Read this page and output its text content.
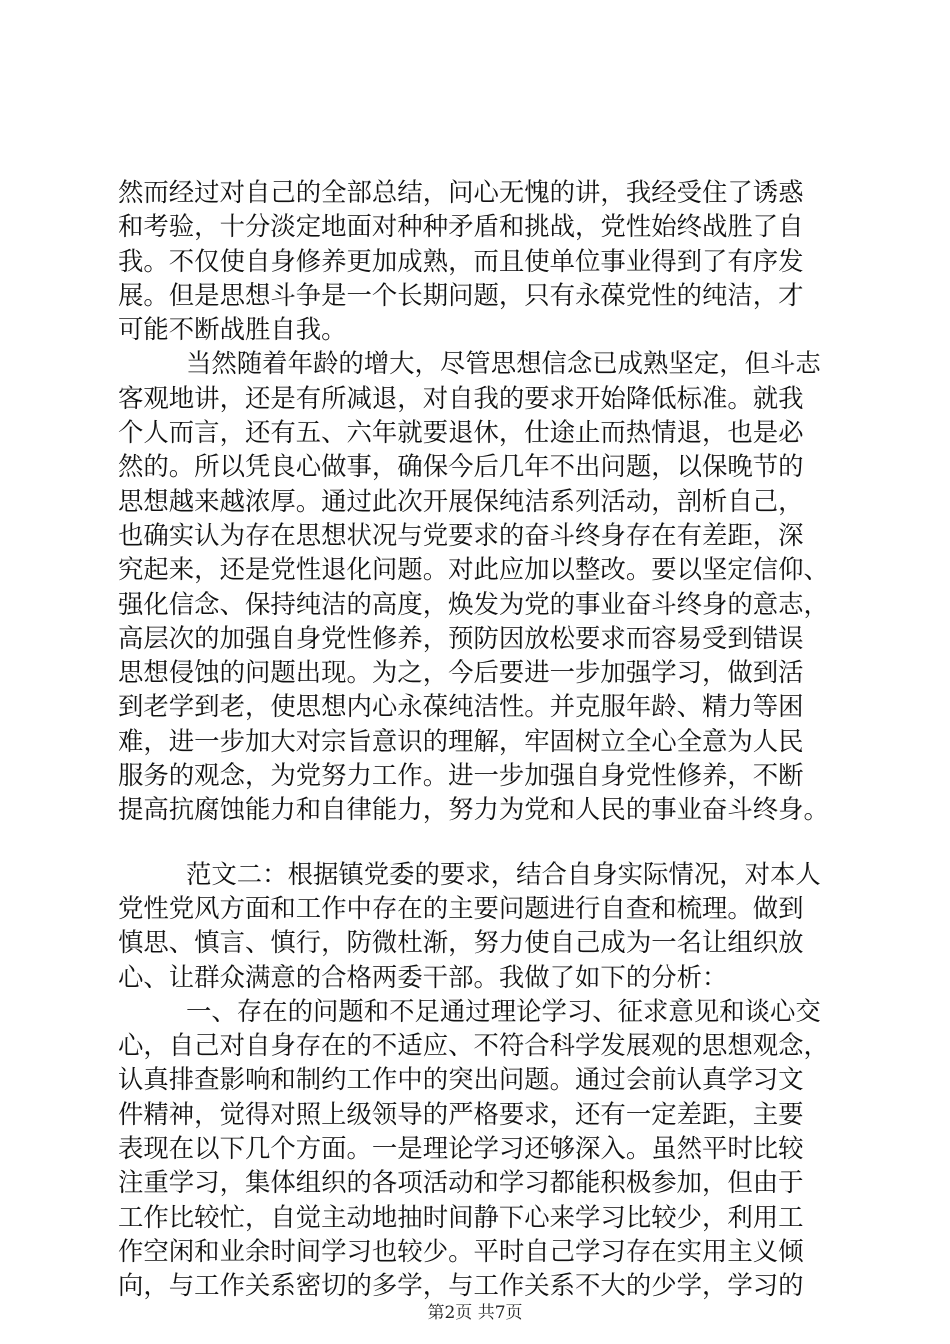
然而经过对自己的全部总结，问心无愧的讲，我经受住了诱惑
和考验，十分淡定地面对种种矛盾和挑战，党性始终战胜了自
我。不仅使自身修养更加成熟，而且使单位事业得到了有序发
展。但是思想斗争是一个长期问题，只有永葆党性的纯洁，才
可能不断战胜自我。
当然随着年龄的增大，尽管思想信念已成熟坚定，但斗志
客观地讲，还是有所减退，对自我的要求开始降低标准。就我
个人而言，还有五、六年就要退休，仕途止而热情退，也是必
然的。所以凭良心做事，确保今后几年不出问题，以保晚节的
思想越来越浓厚。通过此次开展保纯洁系列活动，剖析自己，
也确实认为存在思想状况与党要求的奋斗终身存在有差距，深
究起来，还是党性退化问题。对此应加以整改。要以坚定信仰、
强化信念、保持纯洁的高度，焕发为党的事业奋斗终身的意志，
高层次的加强自身党性修养，预防因放松要求而容易受到错误
思想侵蚀的问题出现。为之，今后要进一步加强学习，做到活
到老学到老，使思想内心永葆纯洁性。并克服年龄、精力等困
难，进一步加大对宗旨意识的理解，牢固树立全心全意为人民
服务的观念，为党努力工作。进一步加强自身党性修养，不断
提高抗腐蚀能力和自律能力，努力为党和人民的事业奋斗终身。
范文二：根据镇党委的要求，结合自身实际情况，对本人
党性党风方面和工作中存在的主要问题进行自查和梳理。做到
慎思、慎言、慎行，防微杜渐，努力使自己成为一名让组织放
心、让群众满意的合格两委干部。我做了如下的分析：
一、存在的问题和不足通过理论学习、征求意见和谈心交
心，自己对自身存在的不适应、不符合科学发展观的思想观念，
认真排查影响和制约工作中的突出问题。通过会前认真学习文
件精神，觉得对照上级领导的严格要求，还有一定差距，主要
表现在以下几个方面。一是理论学习还够深入。虽然平时比较
注重学习，集体组织的各项活动和学习都能积极参加，但由于
工作比较忙，自觉主动地抽时间静下心来学习比较少，利用工
作空闲和业余时间学习也较少。平时自己学习存在实用主义倾
向，与工作关系密切的多学，与工作关系不大的少学，学习的
第2页 共7页
